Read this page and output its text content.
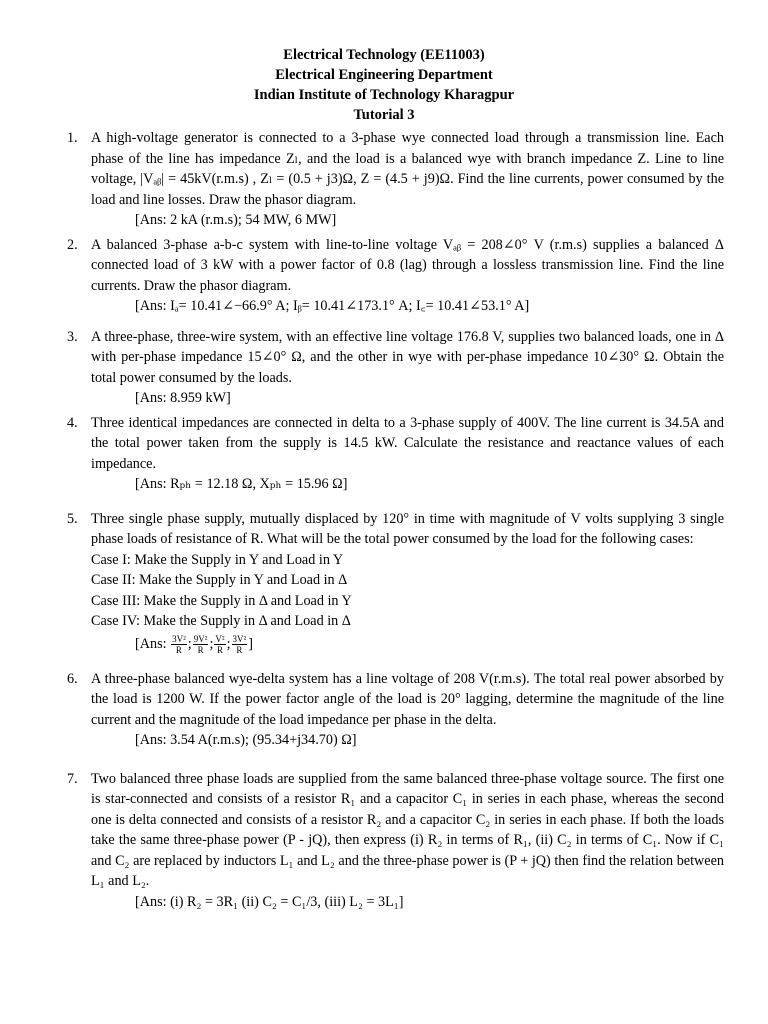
Electrical Technology (EE11003)
Electrical Engineering Department
Indian Institute of Technology Kharagpur
Tutorial 3
1. A high-voltage generator is connected to a 3-phase wye connected load through a transmission line. Each phase of the line has impedance Zₗ, and the load is a balanced wye with branch impedance Z. Line to line voltage, |Vₐᵦ| = 45kV(r.m.s) , Zₗ = (0.5 + j3)Ω, Z = (4.5 + j9)Ω. Find the line currents, power consumed by the load and line losses. Draw the phasor diagram.
[Ans: 2 kA (r.m.s); 54 MW, 6 MW]
2. A balanced 3-phase a-b-c system with line-to-line voltage Vₐᵦ = 208∠0° V (r.m.s) supplies a balanced Δ connected load of 3 kW with a power factor of 0.8 (lag) through a lossless transmission line. Find the line currents. Draw the phasor diagram.
[Ans: Iₐ= 10.41∠−66.9° A; Iᵦ= 10.41∠173.1° A; I꜀= 10.41∠53.1° A]
3. A three-phase, three-wire system, with an effective line voltage 176.8 V, supplies two balanced loads, one in Δ with per-phase impedance 15∠0° Ω, and the other in wye with per-phase impedance 10∠30° Ω. Obtain the total power consumed by the loads.
[Ans: 8.959 kW]
4. Three identical impedances are connected in delta to a 3-phase supply of 400V. The line current is 34.5A and the total power taken from the supply is 14.5 kW. Calculate the resistance and reactance values of each impedance.
[Ans: Rₚₕ = 12.18 Ω, Xₚₕ = 15.96 Ω]
5. Three single phase supply, mutually displaced by 120° in time with magnitude of V volts supplying 3 single phase loads of resistance of R. What will be the total power consumed by the load for the following cases:
Case I: Make the Supply in Y and Load in Y
Case II: Make the Supply in Y and Load in Δ
Case III: Make the Supply in Δ and Load in Y
Case IV: Make the Supply in Δ and Load in Δ
[Ans: $\frac{\text{3V²}}{R}$ ; $\frac{\text{9V²}}{R}$ ; $\frac{\text{V²}}{R}$ ; $\frac{\text{3V²}}{R}$ ]
6. A three-phase balanced wye-delta system has a line voltage of 208 V(r.m.s). The total real power absorbed by the load is 1200 W. If the power factor angle of the load is 20° lagging, determine the magnitude of the line current and the magnitude of the load impedance per phase in the delta.
[Ans: 3.54 A(r.m.s); (95.34+j34.70) Ω]
7. Two balanced three phase loads are supplied from the same balanced three-phase voltage source. The first one is star-connected and consists of a resistor R₁ and a capacitor C₁ in series in each phase, whereas the second one is delta connected and consists of a resistor R₂ and a capacitor C₂ in series in each phase. If both the loads take the same three-phase power (P - jQ), then express (i) R₂ in terms of R₁, (ii) C₂ in terms of C₁. Now if C₁ and C₂ are replaced by inductors L₁ and L₂ and the three-phase power is (P + jQ) then find the relation between L₁ and L₂.
[Ans: (i) R₂ = 3R₁ (ii) C₂ = C₁/3, (iii) L₂ = 3L₁]
